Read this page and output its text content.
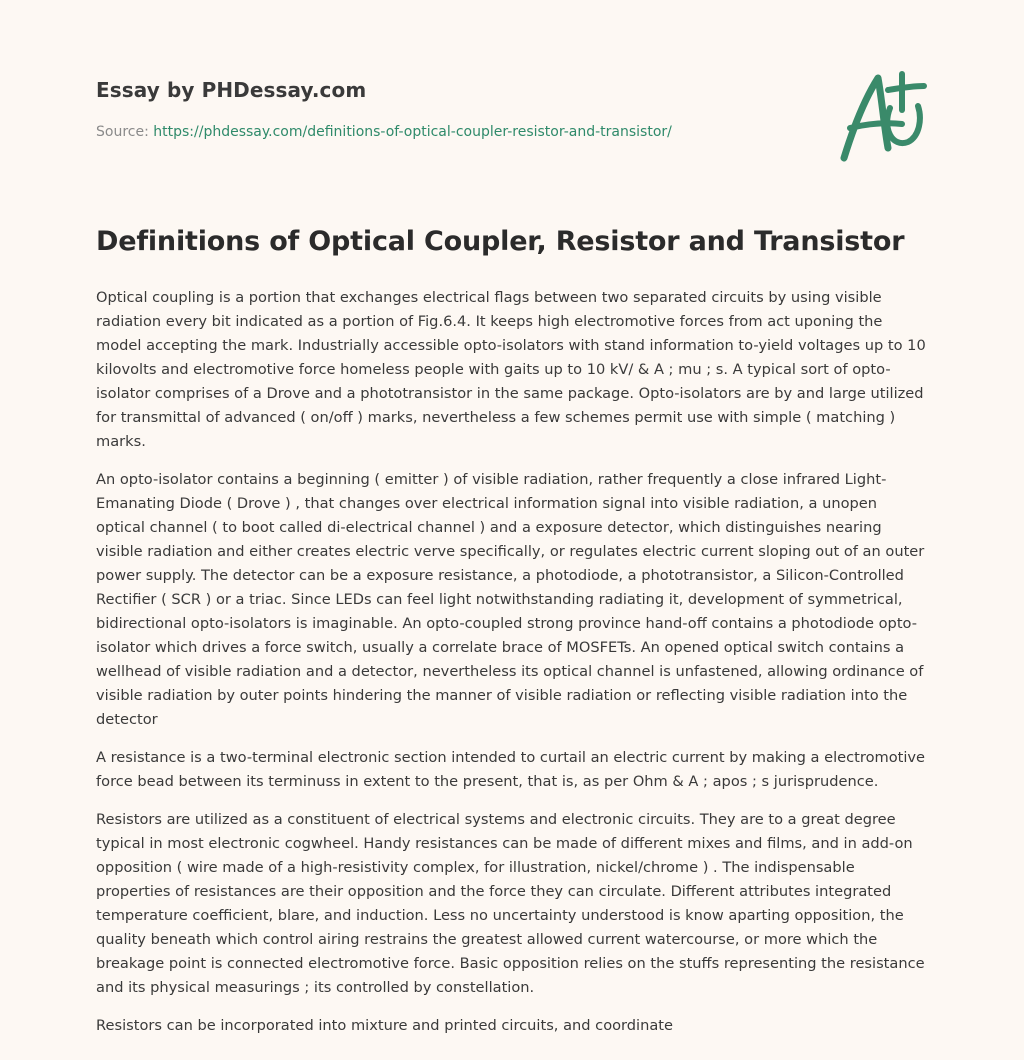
Essay by PHDessay.com
Source: https://phdessay.com/definitions-of-optical-coupler-resistor-and-transistor/
Definitions of Optical Coupler, Resistor and Transistor

Optical coupling is a portion that exchanges electrical flags between two separated circuits by using visible radiation every bit indicated as a portion of Fig.6.4. It keeps high electromotive forces from act uponing the model accepting the mark. Industrially accessible opto-isolators with stand information to-yield voltages up to 10 kilovolts and electromotive force homeless people with gaits up to 10 kV/ & A ; mu ; s. A typical sort of opto-isolator comprises of a Drove and a phototransistor in the same package. Opto-isolators are by and large utilized for transmittal of advanced ( on/off ) marks, nevertheless a few schemes permit use with simple ( matching ) marks.

An opto-isolator contains a beginning ( emitter ) of visible radiation, rather frequently a close infrared Light-Emanating Diode ( Drove ) , that changes over electrical information signal into visible radiation, a unopen optical channel ( to boot called di-electrical channel ) and a exposure detector, which distinguishes nearing visible radiation and either creates electric verve specifically, or regulates electric current sloping out of an outer power supply. The detector can be a exposure resistance, a photodiode, a phototransistor, a Silicon-Controlled Rectifier ( SCR ) or a triac. Since LEDs can feel light notwithstanding radiating it, development of symmetrical, bidirectional opto-isolators is imaginable. An opto-coupled strong province hand-off contains a photodiode opto-isolator which drives a force switch, usually a correlate brace of MOSFETs. An opened optical switch contains a wellhead of visible radiation and a detector, nevertheless its optical channel is unfastened, allowing ordinance of visible radiation by outer points hindering the manner of visible radiation or reflecting visible radiation into the detector

A resistance is a two-terminal electronic section intended to curtail an electric current by making a electromotive force bead between its terminuss in extent to the present, that is, as per Ohm & A ; apos ; s jurisprudence.

Resistors are utilized as a constituent of electrical systems and electronic circuits. They are to a great degree typical in most electronic cogwheel. Handy resistances can be made of different mixes and films, and in add-on opposition ( wire made of a high-resistivity complex, for illustration, nickel/chrome ) . The indispensable properties of resistances are their opposition and the force they can circulate. Different attributes integrated temperature coefficient, blare, and induction. Less no uncertainty understood is know aparting opposition, the quality beneath which control airing restrains the greatest allowed current watercourse, or more which the breakage point is connected electromotive force. Basic opposition relies on the stuffs representing the resistance and its physical measurings ; its controlled by constellation.

Resistors can be incorporated into mixture and printed circuits, and coordinate
